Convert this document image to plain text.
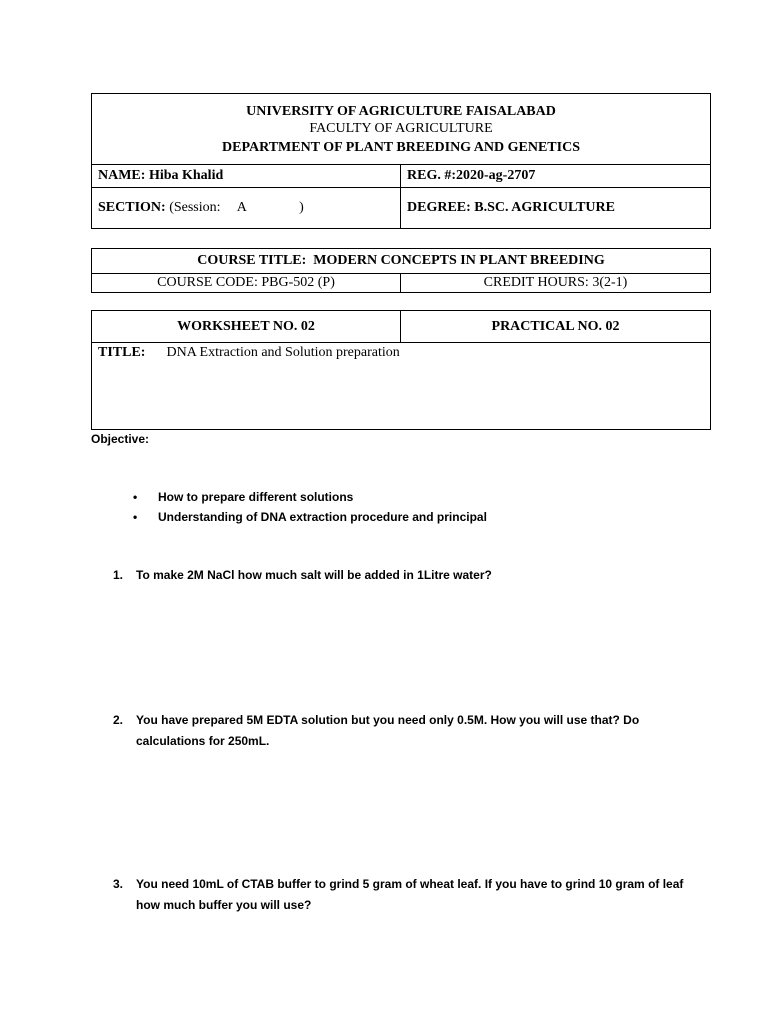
UNIVERSITY OF AGRICULTURE FAISALABAD
FACULTY OF AGRICULTURE
DEPARTMENT OF PLANT BREEDING AND GENETICS	

NAME: Hiba Khalid	REG. #:2020-ag-2707
SECTION: (Session: A )	DEGREE: B.SC. AGRICULTURE
COURSE TITLE: MODERN CONCEPTS IN PLANT BREEDING
COURSE CODE: PBG-502 (P)	CREDIT HOURS: 3(2-1)
WORKSHEET NO. 02	PRACTICAL NO. 02

TITLE: DNA Extraction and Solution preparation
Objective:
• How to prepare different solutions
• Understanding of DNA extraction procedure and principal
1. To make 2M NaCl how much salt will be added in 1Litre water?
2. You have prepared 5M EDTA solution but you need only 0.5M. How you will use that? Do calculations for 250mL.
3. You need 10mL of CTAB buffer to grind 5 gram of wheat leaf. If you have to grind 10 gram of leaf how much buffer you will use?
